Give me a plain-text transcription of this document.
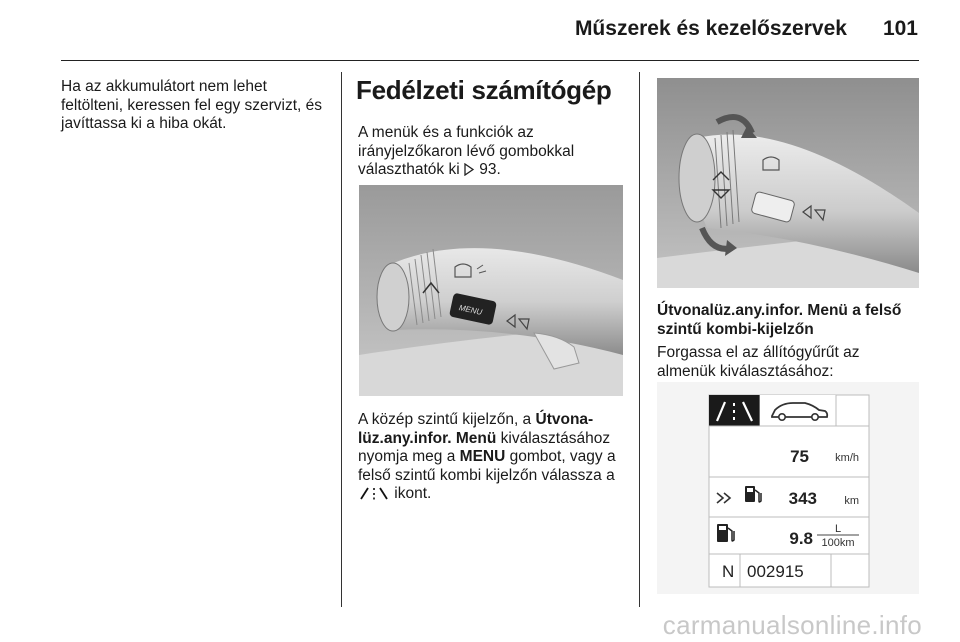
Műszerek és kezelőszervek 101
Ha az akkumulátort nem lehet feltölteni, keressen fel egy szervizt, és javíttassa ki a hiba okát.
Fedélzeti számítógép
A menük és a funkciók az irányjelzőkaron lévő gombokkal választhatók ki  93.
MENU
A közép szintű kijelzőn, a Útvonalüz.any.infor. Menü kiválasztásához nyomja meg a MENU gombot, vagy a felső szintű kombi kijelzőn válassza a  ikont.
Útvonalüz.any.infor. Menü a felső szintű kombi-kijelzőn
Forgassa el az állítógyűrűt az almenük kiválasztásához:
75 km/h
343 km
9.8 L
100km
N 002915
carmanualsonline.info
